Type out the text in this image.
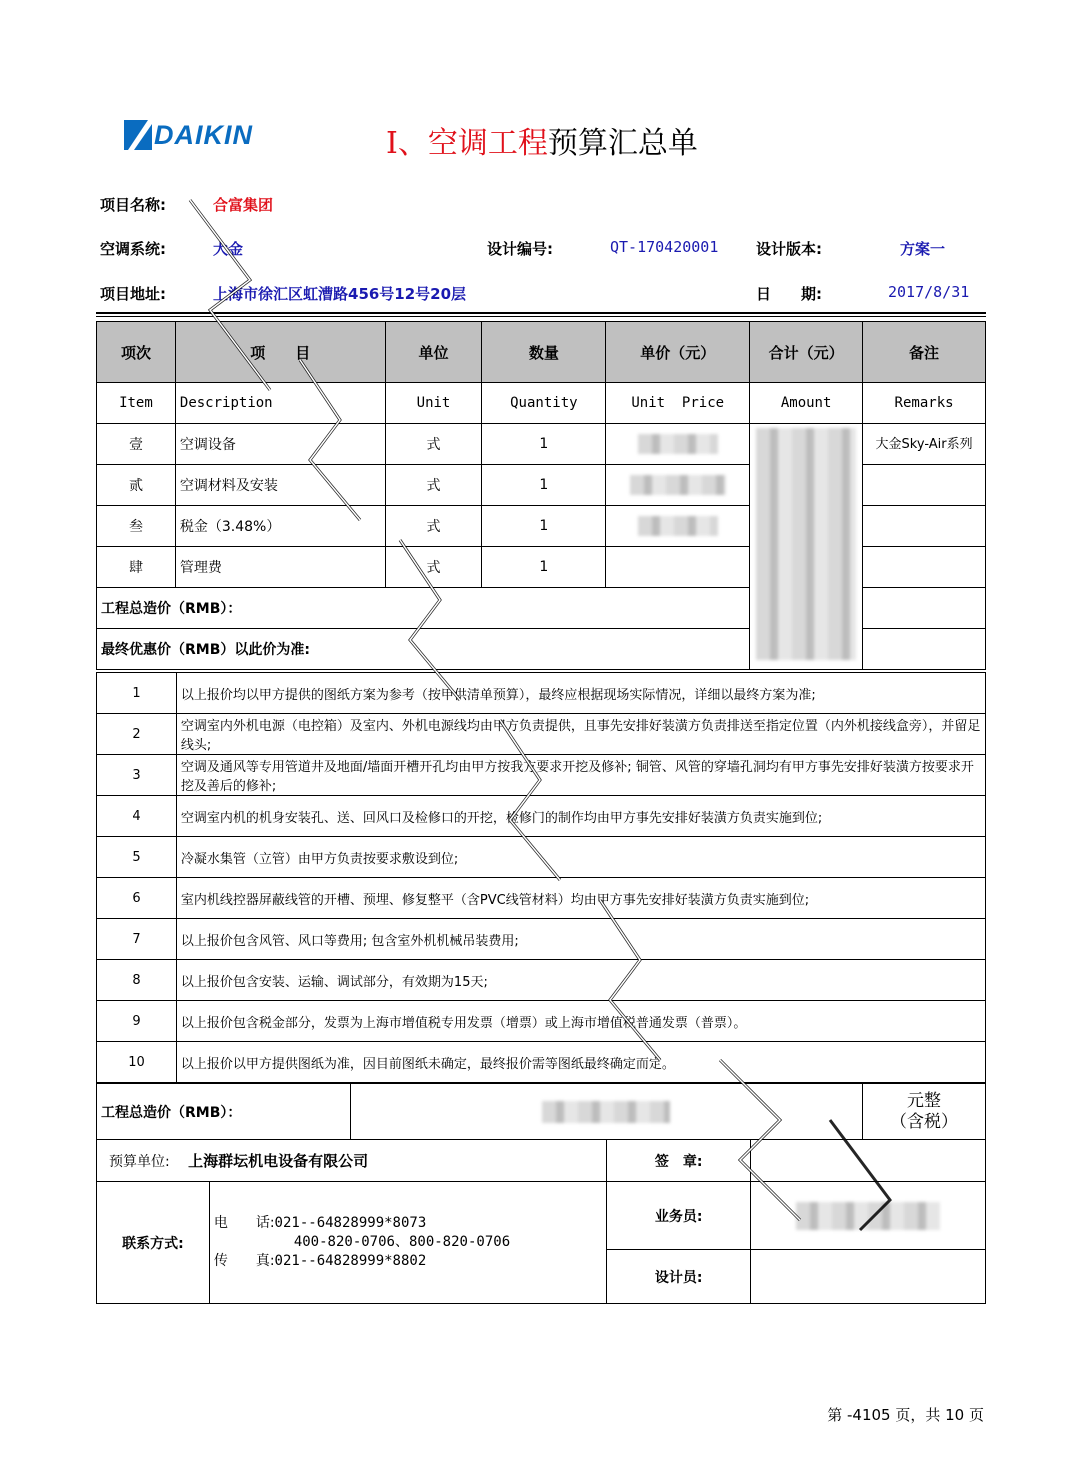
DAIKIN	Ⅰ、空调工程预算汇总单
项目名称:	合富集团
空调系统:	大金	设计编号:	QT-170420001	设计版本:	方案一
项目地址:	上海市徐汇区虹漕路456号12号20层	日　　期:	2017/8/31
项次	项　　目	单位	数量	单价（元）	合计（元）	备注
Item	Description	Unit	Quantity	Unit  Price	Amount	Remarks
壹	空调设备	式	1			大金Sky-Air系列
贰	空调材料及安装	式	1		

叁	税金（3.48%）	式	1		

肆	管理费	式	1			
工程总造价（RMB）：						
最终优惠价（RMB）以此价为准:						
1	以上报价均以甲方提供的图纸方案为参考（按甲供清单预算），最终应根据现场实际情况，详细以最终方案为准;
2	空调室内外机电源（电控箱）及室内、外机电源线均由甲方负责提供，且事先安排好装潢方负责排送至指定位置（内外机接线盒旁），并留足线头;
3	空调及通风等专用管道井及地面/墙面开槽开孔均由甲方按我方要求开挖及修补; 铜管、风管的穿墙孔洞均有甲方事先安排好装潢方按要求开挖及善后的修补;
4	空调室内机的机身安装孔、送、回风口及检修口的开挖，检修门的制作均由甲方事先安排好装潢方负责实施到位;
5	冷凝水集管（立管）由甲方负责按要求敷设到位;
6	室内机线控器屏蔽线管的开槽、预埋、修复整平（含PVC线管材料）均由甲方事先安排好装潢方负责实施到位;
7	以上报价包含风管、风口等费用; 包含室外机机械吊装费用;
8	以上报价包含安装、运输、调试部分，有效期为15天;
9	以上报价包含税金部分，发票为上海市增值税专用发票（增票）或上海市增值税普通发票（普票）。
10	以上报价以甲方提供图纸为准，因目前图纸未确定，最终报价需等图纸最终确定而定。
工程总造价（RMB）：	

元整
（含税）
预算单位: 上海群坛机电设备有限公司		签　章:	
联系方式:	电　　话:021--64828999*8073
400-820-0706、800-820-0706
传　　真:021--64828999*8802	业务员:	

		设计员:	
第 -4105 页，共 10 页
